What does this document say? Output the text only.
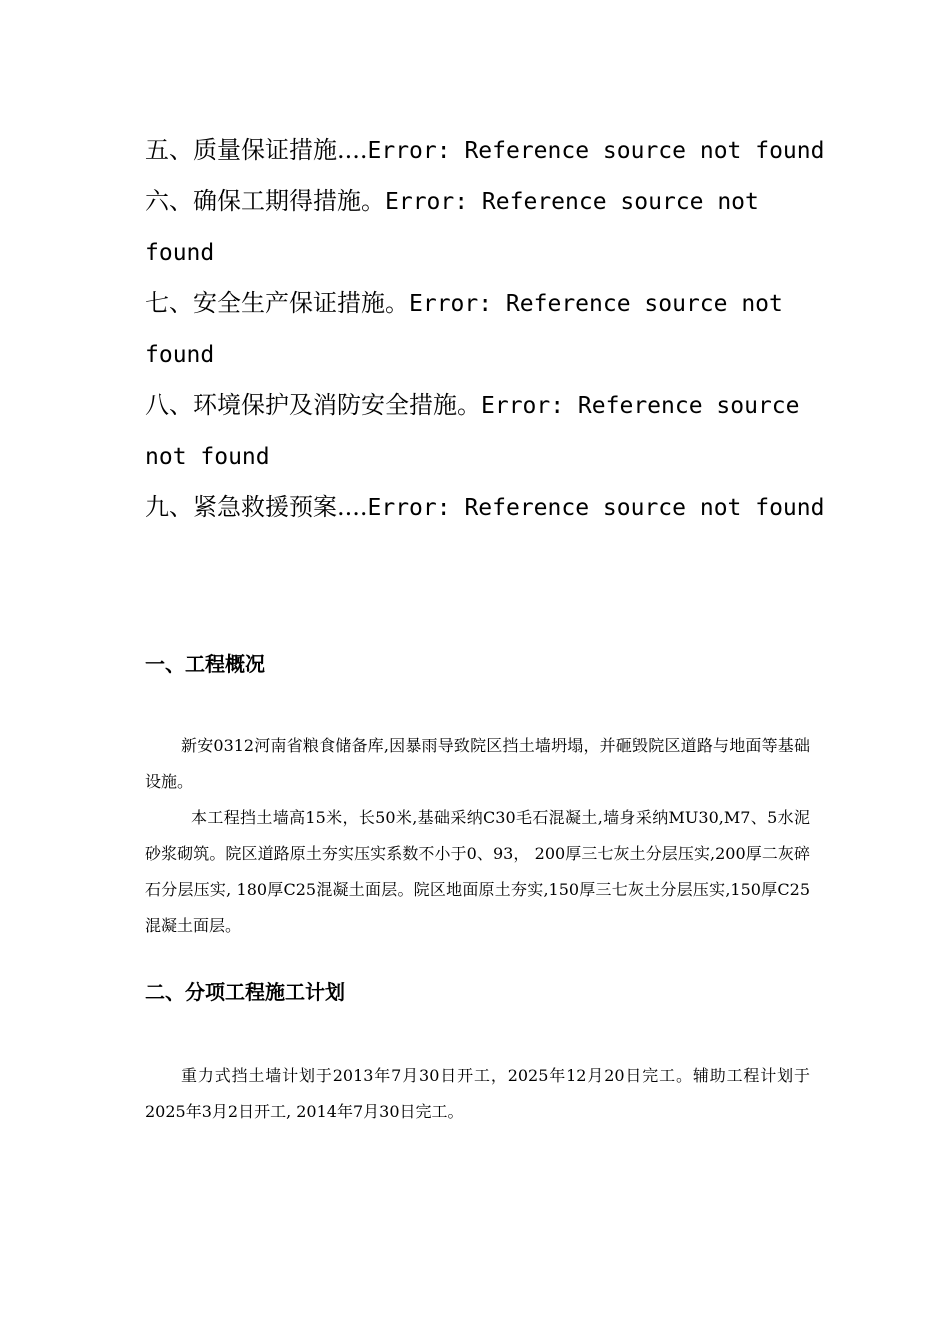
五、质量保证措施....Error: Reference source not found

六、确保工期得措施。Error: Reference source not found

七、安全生产保证措施。Error: Reference source not found

八、环境保护及消防安全措施。Error: Reference source not found

九、紧急救援预案....Error: Reference source not found

一、工程概况

新安0312河南省粮食储备库,因暴雨导致院区挡土墙坍塌，并砸毁院区道路与地面等基础设施。

本工程挡土墙高15米，长50米,基础采纳C30毛石混凝土,墙身采纳MU30,M7、5水泥砂浆砌筑。院区道路原土夯实压实系数不小于0、93， 200厚三七灰土分层压实,200厚二灰碎石分层压实, 180厚C25混凝土面层。院区地面原土夯实,150厚三七灰土分层压实,150厚C25混凝土面层。

二、分项工程施工计划

重力式挡土墙计划于2013年7月30日开工，2025年12月20日完工。辅助工程计划于2025年3月2日开工, 2014年7月30日完工。
